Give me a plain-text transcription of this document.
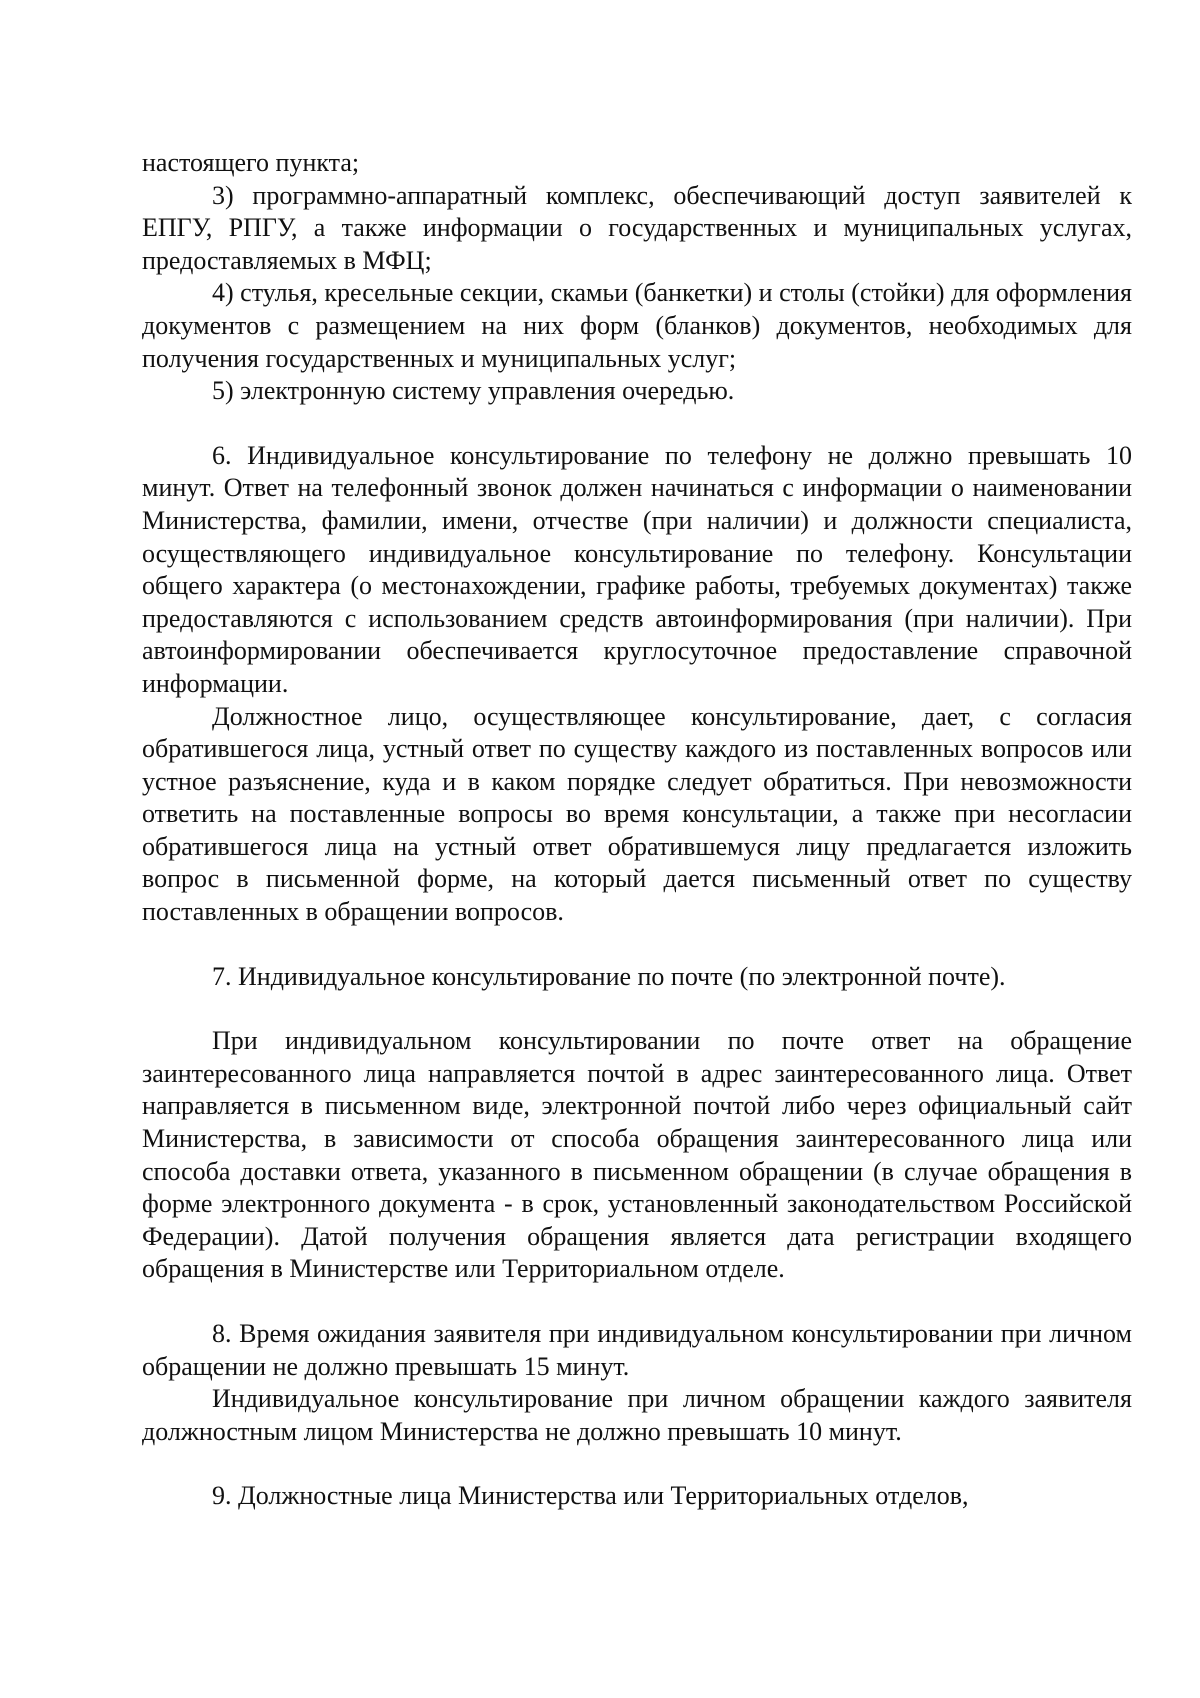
настоящего пункта;

3) программно-аппаратный комплекс, обеспечивающий доступ заявителей к ЕПГУ, РПГУ, а также информации о государственных и муниципальных услугах, предоставляемых в МФЦ;

4) стулья, кресельные секции, скамьи (банкетки) и столы (стойки) для оформления документов с размещением на них форм (бланков) документов, необходимых для получения государственных и муниципальных услуг;

5) электронную систему управления очередью.

6. Индивидуальное консультирование по телефону не должно превышать 10 минут. Ответ на телефонный звонок должен начинаться с информации о наименовании Министерства, фамилии, имени, отчестве (при наличии) и должности специалиста, осуществляющего индивидуальное консультирование по телефону. Консультации общего характера (о местонахождении, графике работы, требуемых документах) также предоставляются с использованием средств автоинформирования (при наличии). При автоинформировании обеспечивается круглосуточное предоставление справочной информации.

Должностное лицо, осуществляющее консультирование, дает, с согласия обратившегося лица, устный ответ по существу каждого из поставленных вопросов или устное разъяснение, куда и в каком порядке следует обратиться. При невозможности ответить на поставленные вопросы во время консультации, а также при несогласии обратившегося лица на устный ответ обратившемуся лицу предлагается изложить вопрос в письменной форме, на который дается письменный ответ по существу поставленных в обращении вопросов.

7. Индивидуальное консультирование по почте (по электронной почте).

При индивидуальном консультировании по почте ответ на обращение заинтересованного лица направляется почтой в адрес заинтересованного лица. Ответ направляется в письменном виде, электронной почтой либо через официальный сайт Министерства, в зависимости от способа обращения заинтересованного лица или способа доставки ответа, указанного в письменном обращении (в случае обращения в форме электронного документа - в срок, установленный законодательством Российской Федерации). Датой получения обращения является дата регистрации входящего обращения в Министерстве или Территориальном отделе.

8. Время ожидания заявителя при индивидуальном консультировании при личном обращении не должно превышать 15 минут.

Индивидуальное консультирование при личном обращении каждого заявителя должностным лицом Министерства не должно превышать 10 минут.

9. Должностные лица Министерства или Территориальных отделов,
